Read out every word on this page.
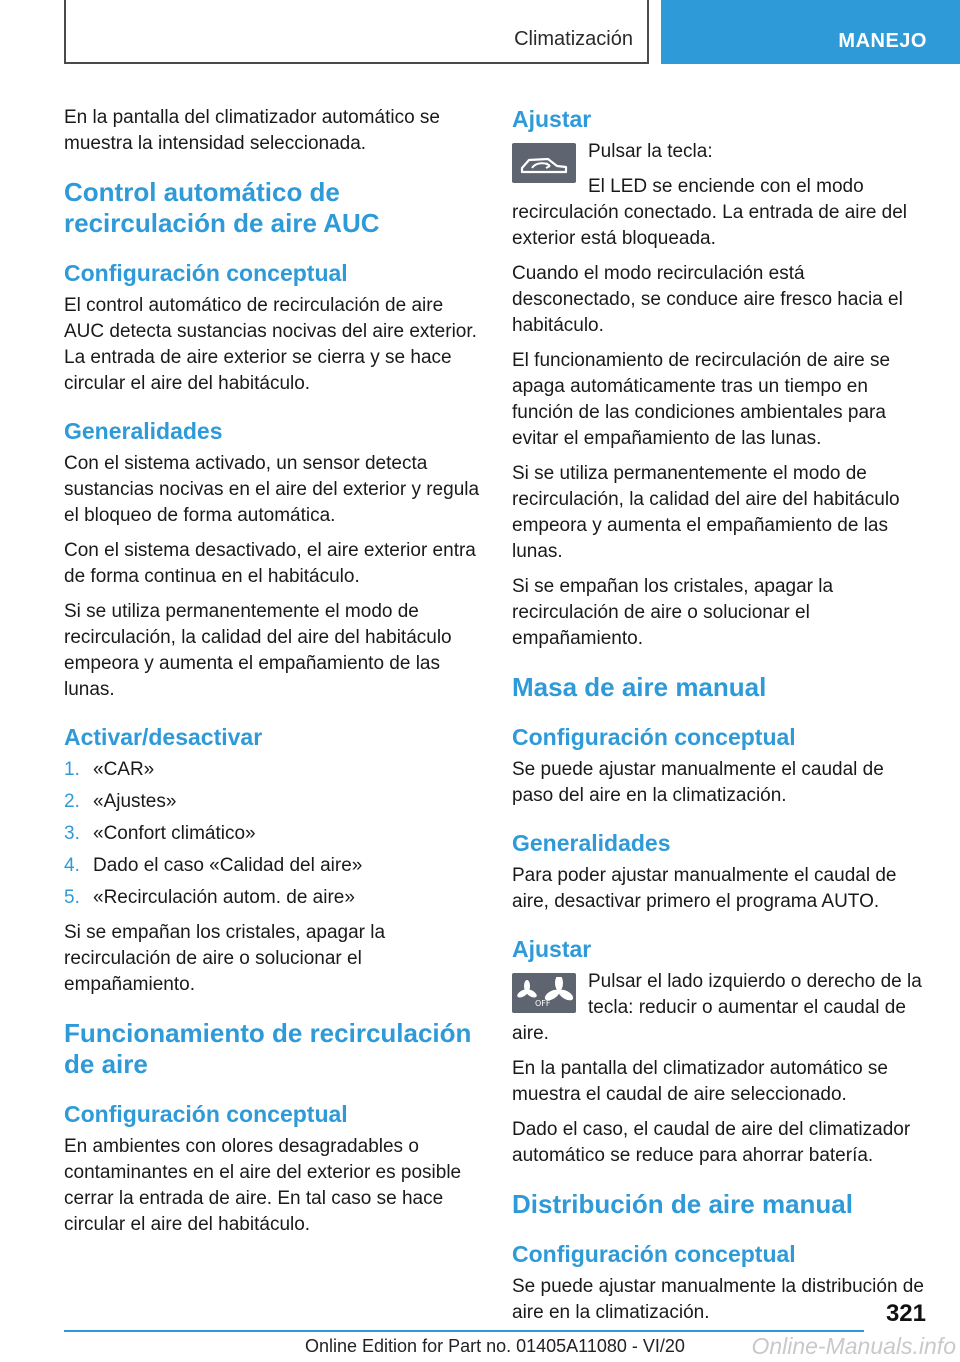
Climatización	MANEJO

En la pantalla del climatizador automático se muestra la intensidad seleccionada.

Control automático de recirculación de aire AUC
Configuración conceptual

El control automático de recirculación de aire AUC detecta sustancias nocivas del aire exterior. La entrada de aire exterior se cierra y se hace circular el aire del habitáculo.

Generalidades

Con el sistema activado, un sensor detecta sustancias nocivas en el aire del exterior y regula el bloqueo de forma automática.

Con el sistema desactivado, el aire exterior entra de forma continua en el habitáculo.

Si se utiliza permanentemente el modo de recirculación, la calidad del aire del habitáculo empeora y aumenta el empañamiento de las lunas.

Activar/desactivar
1. «CAR»
2. «Ajustes»
3. «Confort climático»
4. Dado el caso «Calidad del aire»
5. «Recirculación autom. de aire»

Si se empañan los cristales, apagar la recirculación de aire o solucionar el empañamiento.

Funcionamiento de recirculación de aire
Configuración conceptual

En ambientes con olores desagradables o contaminantes en el aire del exterior es posible cerrar la entrada de aire. En tal caso se hace circular el aire del habitáculo.

Ajustar

Pulsar la tecla:

El LED se enciende con el modo recirculación conectado. La entrada de aire del exterior está bloqueada.

Cuando el modo recirculación está desconectado, se conduce aire fresco hacia el habitáculo.

El funcionamiento de recirculación de aire se apaga automáticamente tras un tiempo en función de las condiciones ambientales para evitar el empañamiento de las lunas.

Si se utiliza permanentemente el modo de recirculación, la calidad del aire del habitáculo empeora y aumenta el empañamiento de las lunas.

Si se empañan los cristales, apagar la recirculación de aire o solucionar el empañamiento.

Masa de aire manual
Configuración conceptual

Se puede ajustar manualmente el caudal de paso del aire en la climatización.

Generalidades

Para poder ajustar manualmente el caudal de aire, desactivar primero el programa AUTO.

Ajustar
OFF

Pulsar el lado izquierdo o derecho de la tecla: reducir o aumentar el caudal de aire.

En la pantalla del climatizador automático se muestra el caudal de aire seleccionado.

Dado el caso, el caudal de aire del climatizador automático se reduce para ahorrar batería.

Distribución de aire manual
Configuración conceptual

Se puede ajustar manualmente la distribución de aire en la climatización.	321
Online Edition for Part no. 01405A11080 - VI/20	Online-Manuals.info
